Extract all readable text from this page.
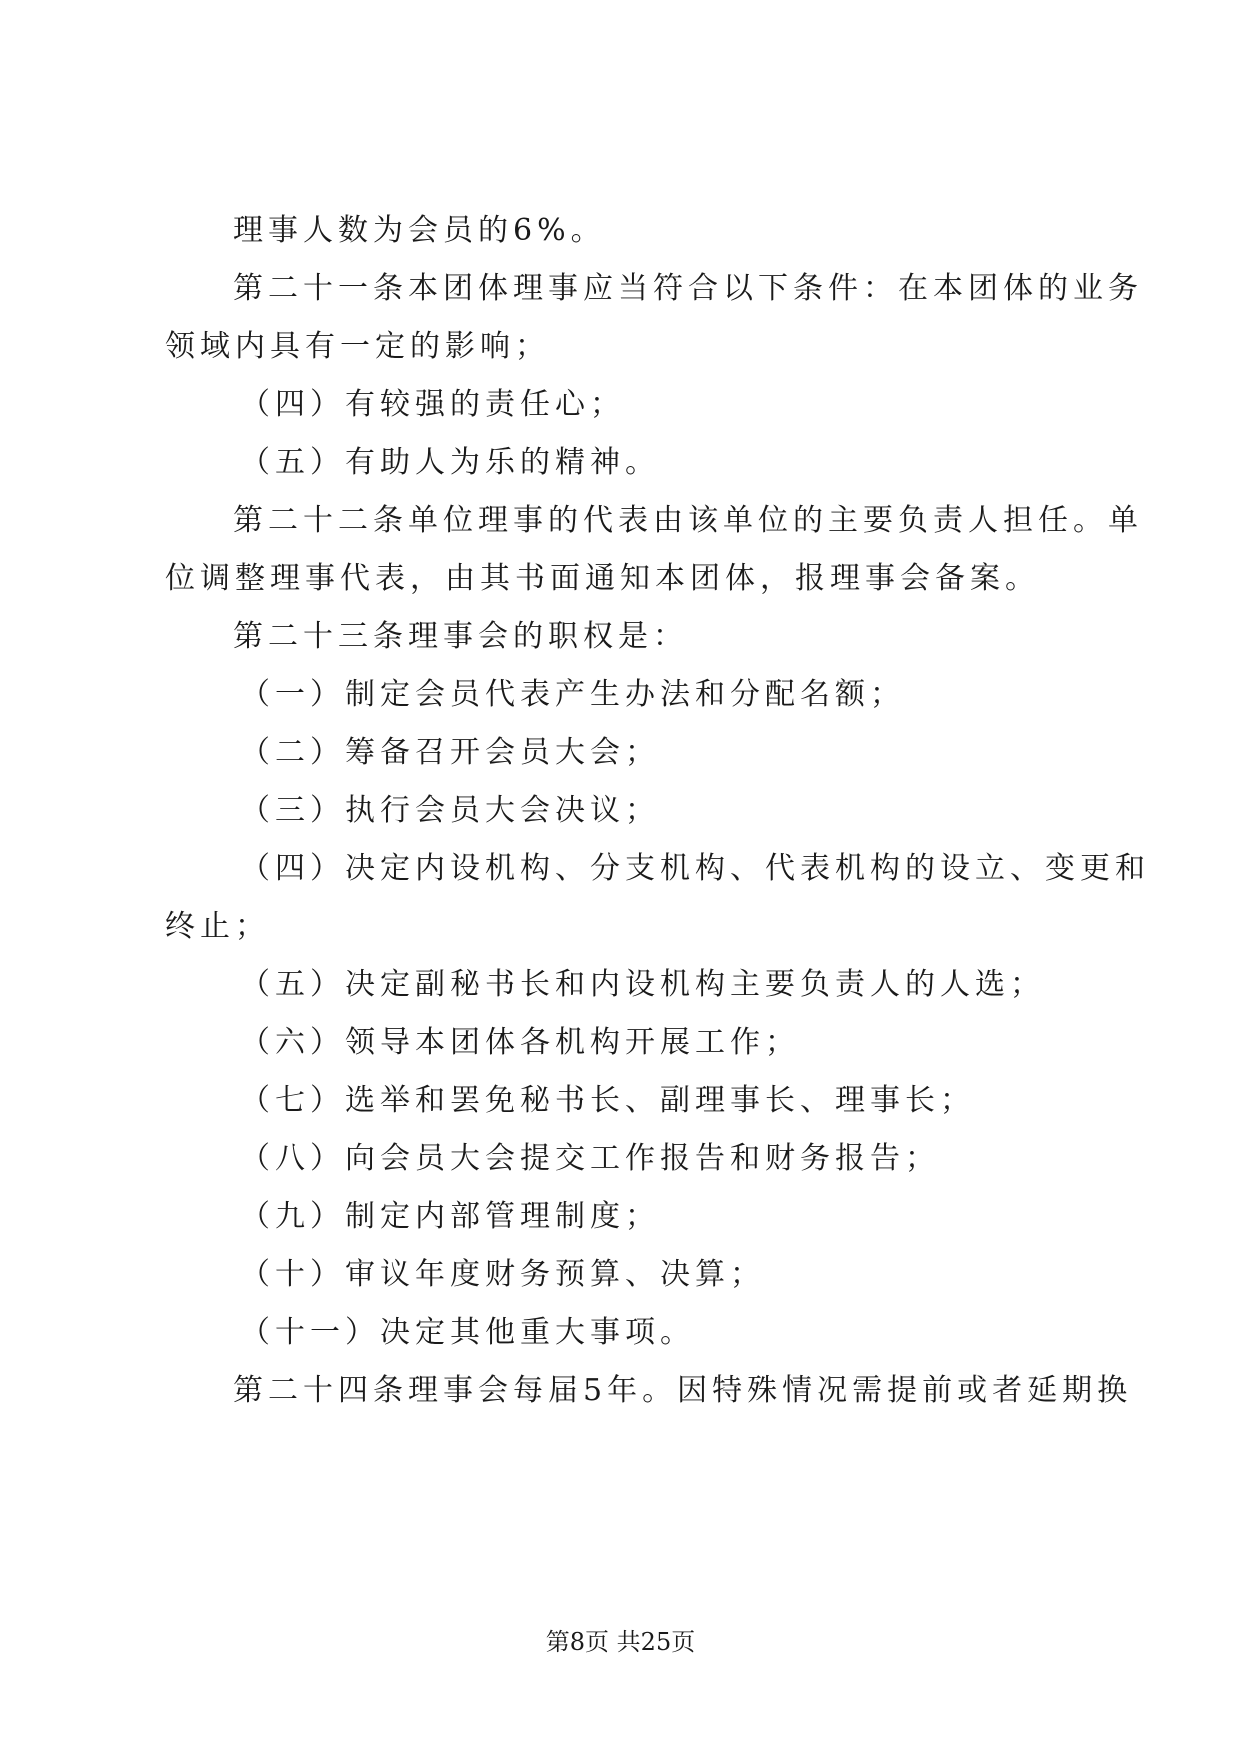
理事人数为会员的6%。

第二十一条本团体理事应当符合以下条件：在本团体的业务

领域内具有一定的影响；

（四）有较强的责任心；

（五）有助人为乐的精神。

第二十二条单位理事的代表由该单位的主要负责人担任。单

位调整理事代表，由其书面通知本团体，报理事会备案。

第二十三条理事会的职权是：

（一）制定会员代表产生办法和分配名额；

（二）筹备召开会员大会；

（三）执行会员大会决议；

（四）决定内设机构、分支机构、代表机构的设立、变更和

终止；

（五）决定副秘书长和内设机构主要负责人的人选；

（六）领导本团体各机构开展工作；

（七）选举和罢免秘书长、副理事长、理事长；

（八）向会员大会提交工作报告和财务报告；

（九）制定内部管理制度；

（十）审议年度财务预算、决算；

（十一）决定其他重大事项。

第二十四条理事会每届5年。因特殊情况需提前或者延期换

第8页 共25页
